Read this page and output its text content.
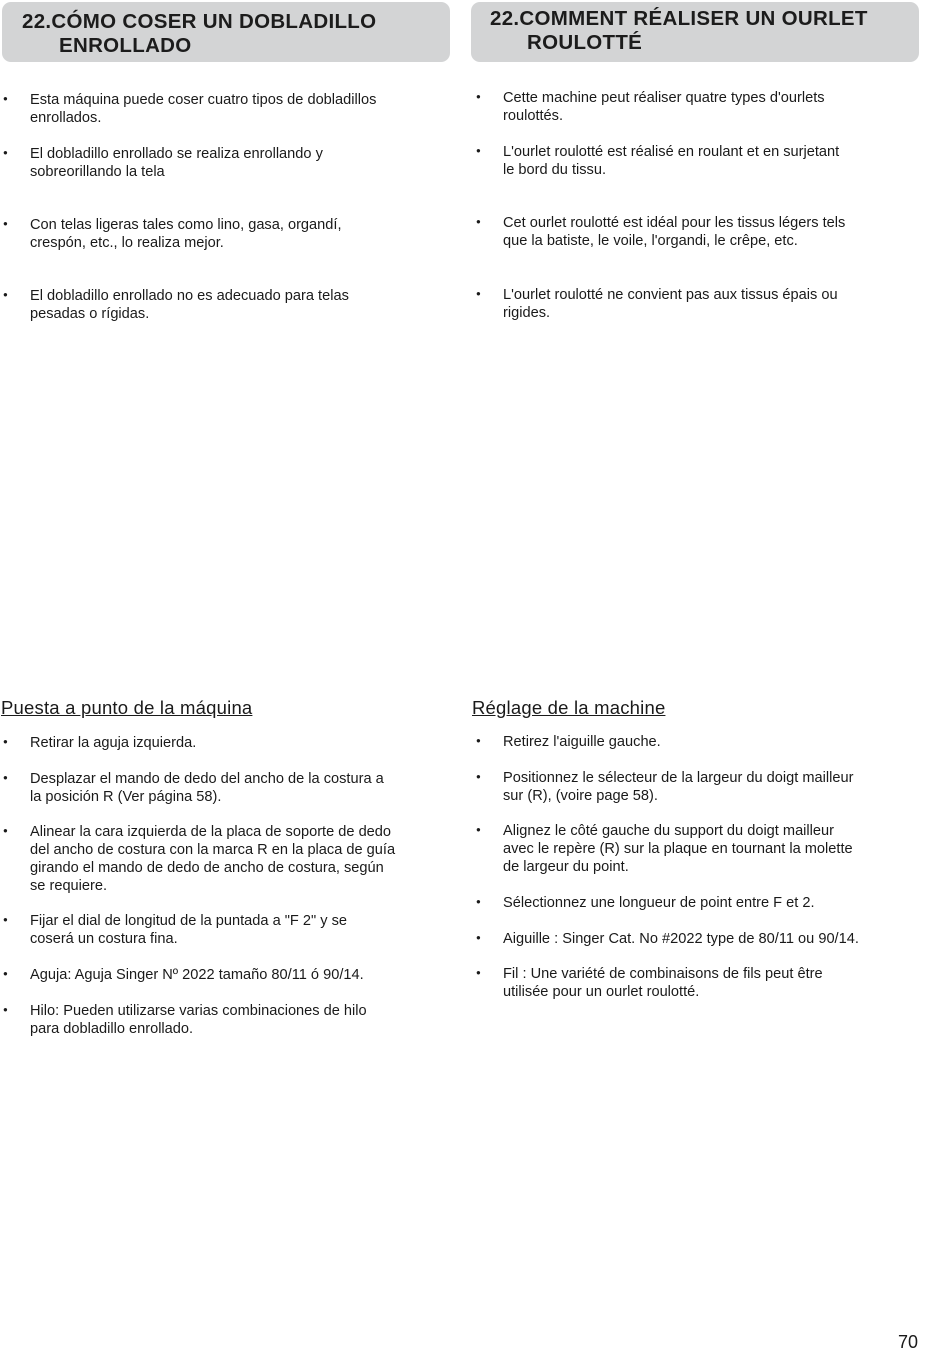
22.CÓMO COSER UN DOBLADILLO
ENROLLADO
● Esta máquina puede coser cuatro tipos de dobladillos
enrollados.
● El dobladillo enrollado se realiza enrollando y
sobreorillando la tela
● Con telas ligeras tales como lino, gasa, organdí,
crespón, etc., lo realiza mejor.
● El dobladillo enrollado no es adecuado para telas
pesadas o rígidas.
Puesta a punto de la máquina
● Retirar la aguja izquierda.
● Desplazar el mando de dedo del ancho de la costura a
la posición R (Ver página 58).
● Alinear la cara izquierda de la placa de soporte de dedo
del ancho de costura con la marca R en la placa de guía
girando el mando de dedo de ancho de costura, según
se requiere.
● Fijar el dial de longitud de la puntada a "F 2" y se
coserá un costura fina.
● Aguja: Aguja Singer Nº 2022 tamaño 80/11 ó 90/14.
● Hilo: Pueden utilizarse varias combinaciones de hilo
para dobladillo enrollado.
22.COMMENT RÉALISER UN OURLET
ROULOTTÉ
● Cette machine peut réaliser quatre types d'ourlets
roulottés.
● L'ourlet roulotté est réalisé en roulant et en surjetant
le bord du tissu.
● Cet ourlet roulotté est idéal pour les tissus légers tels
que la batiste, le voile, l'organdi, le crêpe, etc.
● L'ourlet roulotté ne convient pas aux tissus épais ou
rigides.
Réglage de la machine
● Retirez l'aiguille gauche.
● Positionnez le sélecteur de la largeur du doigt mailleur
sur (R), (voire page 58).
● Alignez le côté gauche du support du doigt mailleur
avec le repère (R) sur la plaque en tournant la molette
de largeur du point.
● Sélectionnez une longueur de point entre F et 2.
● Aiguille : Singer Cat. No #2022 type de 80/11 ou 90/14.
● Fil : Une variété de combinaisons de fils peut être
utilisée pour un ourlet roulotté.
70
